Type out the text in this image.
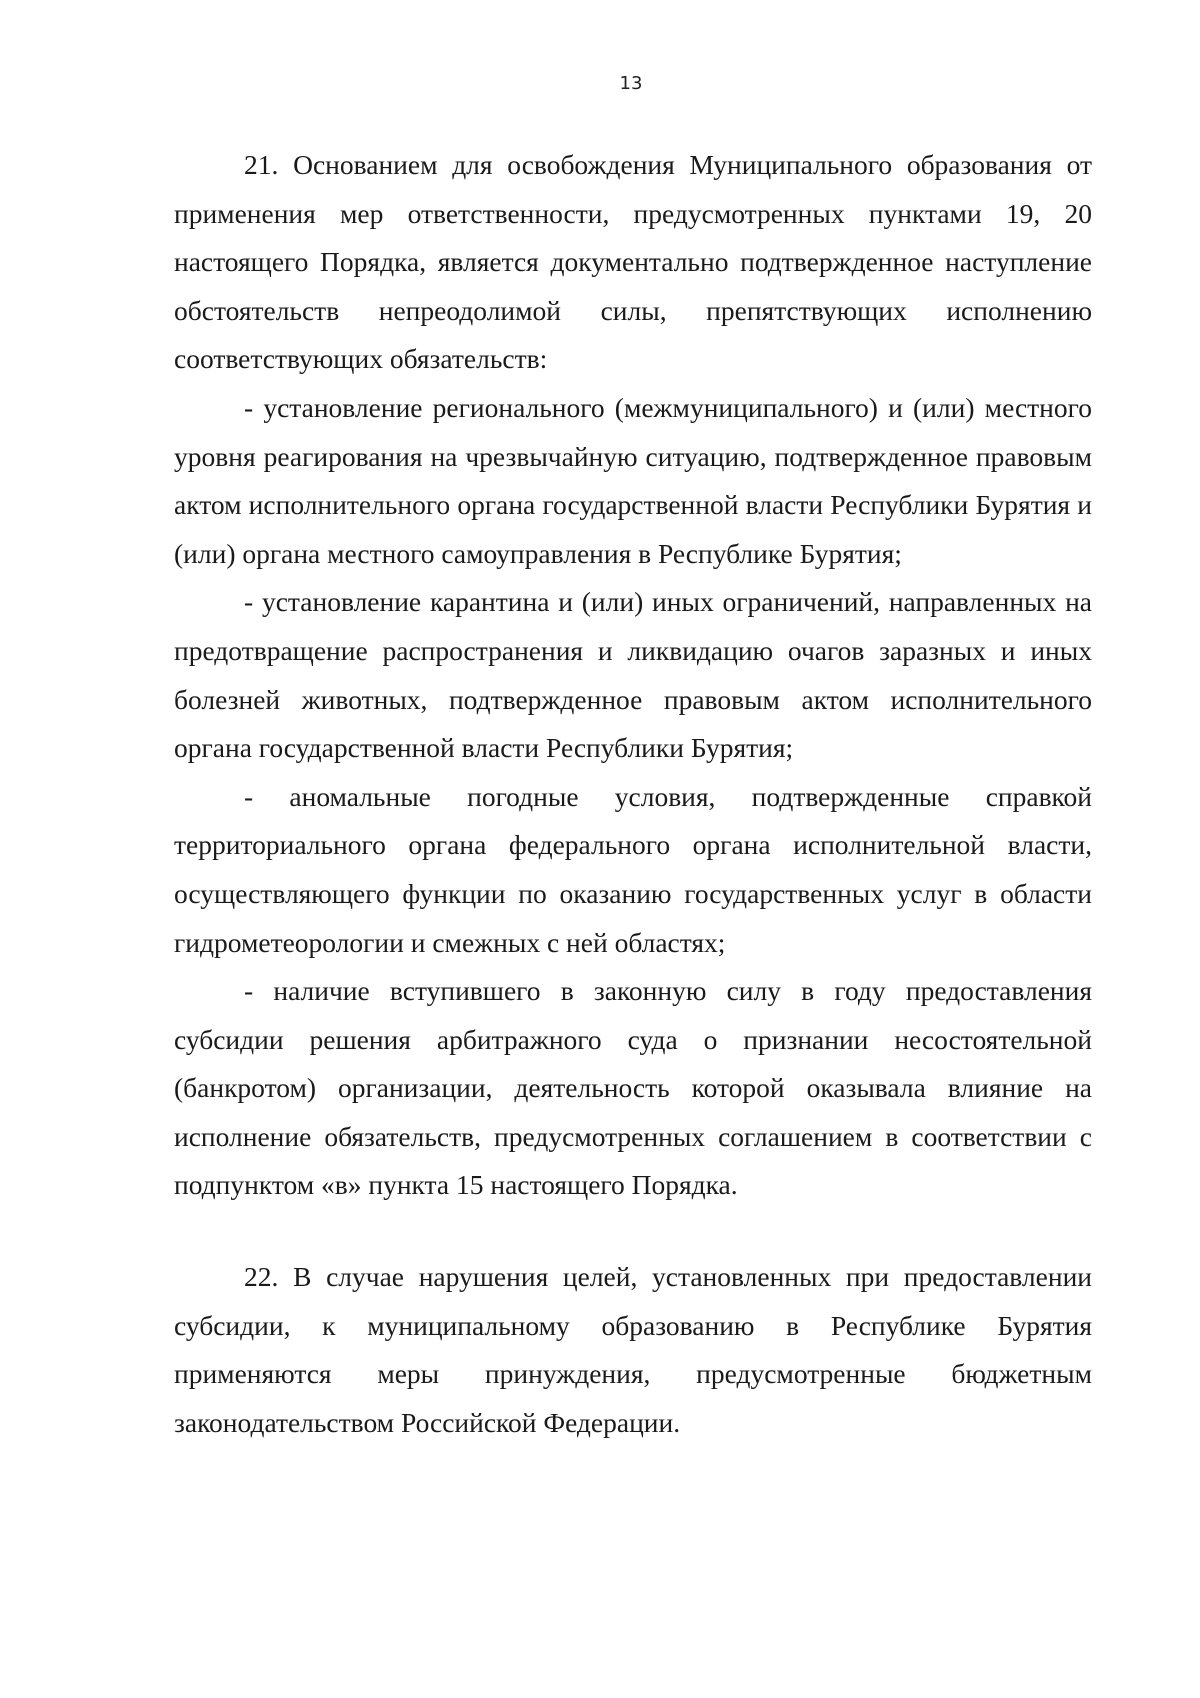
13

21. Основанием для освобождения Муниципального образования от применения мер ответственности, предусмотренных пунктами 19, 20 настоящего Порядка, является документально подтвержденное наступление обстоятельств непреодолимой силы, препятствующих исполнению соответствующих обязательств:

- установление регионального (межмуниципального) и (или) местного уровня реагирования на чрезвычайную ситуацию, подтвержденное правовым актом исполнительного органа государственной власти Республики Бурятия и (или) органа местного самоуправления в Республике Бурятия;

- установление карантина и (или) иных ограничений, направленных на предотвращение распространения и ликвидацию очагов заразных и иных болезней животных, подтвержденное правовым актом исполнительного органа государственной власти Республики Бурятия;

- аномальные погодные условия, подтвержденные справкой территориального органа федерального органа исполнительной власти, осуществляющего функции по оказанию государственных услуг в области гидрометеорологии и смежных с ней областях;

- наличие вступившего в законную силу в году предоставления субсидии решения арбитражного суда о признании несостоятельной (банкротом) организации, деятельность которой оказывала влияние на исполнение обязательств, предусмотренных соглашением в соответствии с подпунктом «в» пункта 15 настоящего Порядка.

22. В случае нарушения целей, установленных при предоставлении субсидии, к муниципальному образованию в Республике Бурятия применяются меры принуждения, предусмотренные бюджетным законодательством Российской Федерации.
